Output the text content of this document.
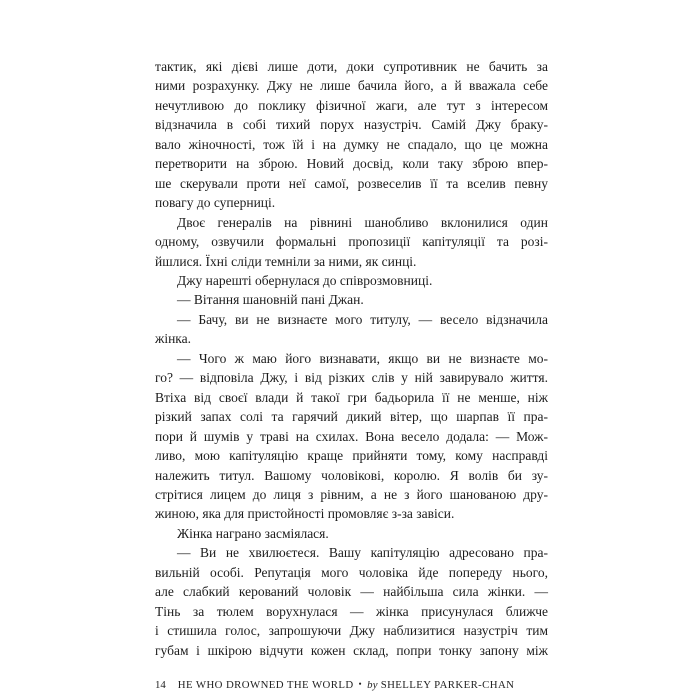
тактик, які дієві лише доти, доки супротивник не бачить за
ними розрахунку. Джу не лише бачила його, а й вважала себе
нечутливою до поклику фізичної жаги, але тут з інтересом
відзначила в собі тихий порух назустріч. Самій Джу браку-
вало жіночності, тож їй і на думку не спадало, що це можна
перетворити на зброю. Новий досвід, коли таку зброю впер-
ше скерували проти неї самої, розвеселив її та вселив певну
повагу до суперниці.
Двоє генералів на рівнині шанобливо вклонилися один
одному, озвучили формальні пропозиції капітуляції та розі-
йшлися. Їхні сліди темніли за ними, як синці.
Джу нарешті обернулася до співрозмовниці.
— Вітання шановній пані Джан.
— Бачу, ви не визнаєте мого титулу, — весело відзначила
жінка.
— Чого ж маю його визнавати, якщо ви не визнаєте мо-
го? — відповіла Джу, і від різких слів у ній завирувало життя.
Втіха від своєї влади й такої гри бадьорила її не менше, ніж
різкий запах солі та гарячий дикий вітер, що шарпав її пра-
пори й шумів у траві на схилах. Вона весело додала: — Мож-
ливо, мою капітуляцію краще прийняти тому, кому насправді
належить титул. Вашому чоловікові, королю. Я волів би зу-
стрітися лицем до лиця з рівним, а не з його шанованою дру-
жиною, яка для пристойності промовляє з-за завіси.
Жінка награно засміялася.
— Ви не хвилюєтеся. Вашу капітуляцію адресовано пра-
вильній особі. Репутація мого чоловіка йде попереду нього,
але слабкий керований чоловік — найбільша сила жінки. —
Тінь за тюлем ворухнулася — жінка присунулася ближче
і стишила голос, запрошуючи Джу наблизитися назустріч тим
губам і шкірою відчути кожен склад, попри тонку запону між
14 HE WHO DROWNED THE WORLD • by SHELLEY PARKER-CHAN
